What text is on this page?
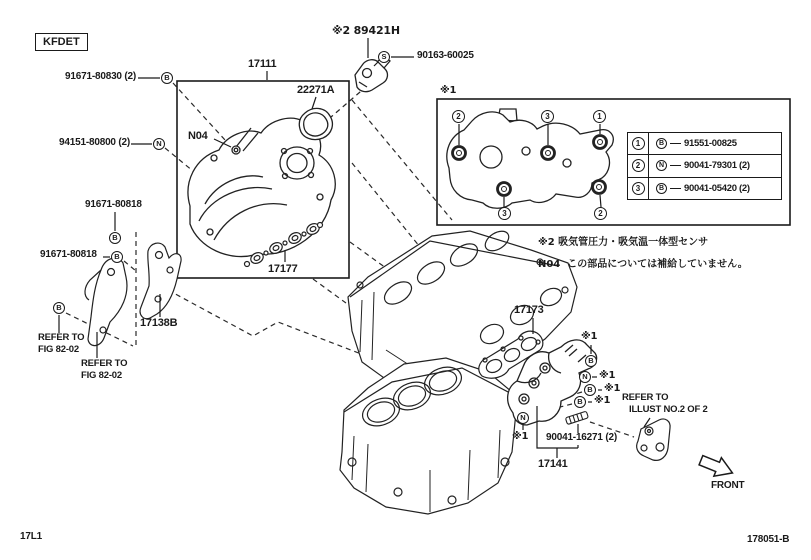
KFDET
91671-80830 (2)
94151-80800 (2)
17111
22271A
N04
17177
※2 89421H
90163-60025
91671-80818
91671-80818
17138B
17173
90041-16271 (2)
17141
REFER TO
FIG 82-02
REFER TO
FIG 82-02
REFER TO
ILLUST NO.2 OF 2
※1
※1
※1
※1
※1
※1
B
N
S
B
B
B
B
N
B
B
N
2	3	1
3	2
1	B	91551-00825
2	N	90041-79301 (2)
3	B	90041-05420 (2)
※2 吸気管圧力・吸気温一体型センサ
N04 この部品については補給していません。
FRONT
17L1	178051-B
